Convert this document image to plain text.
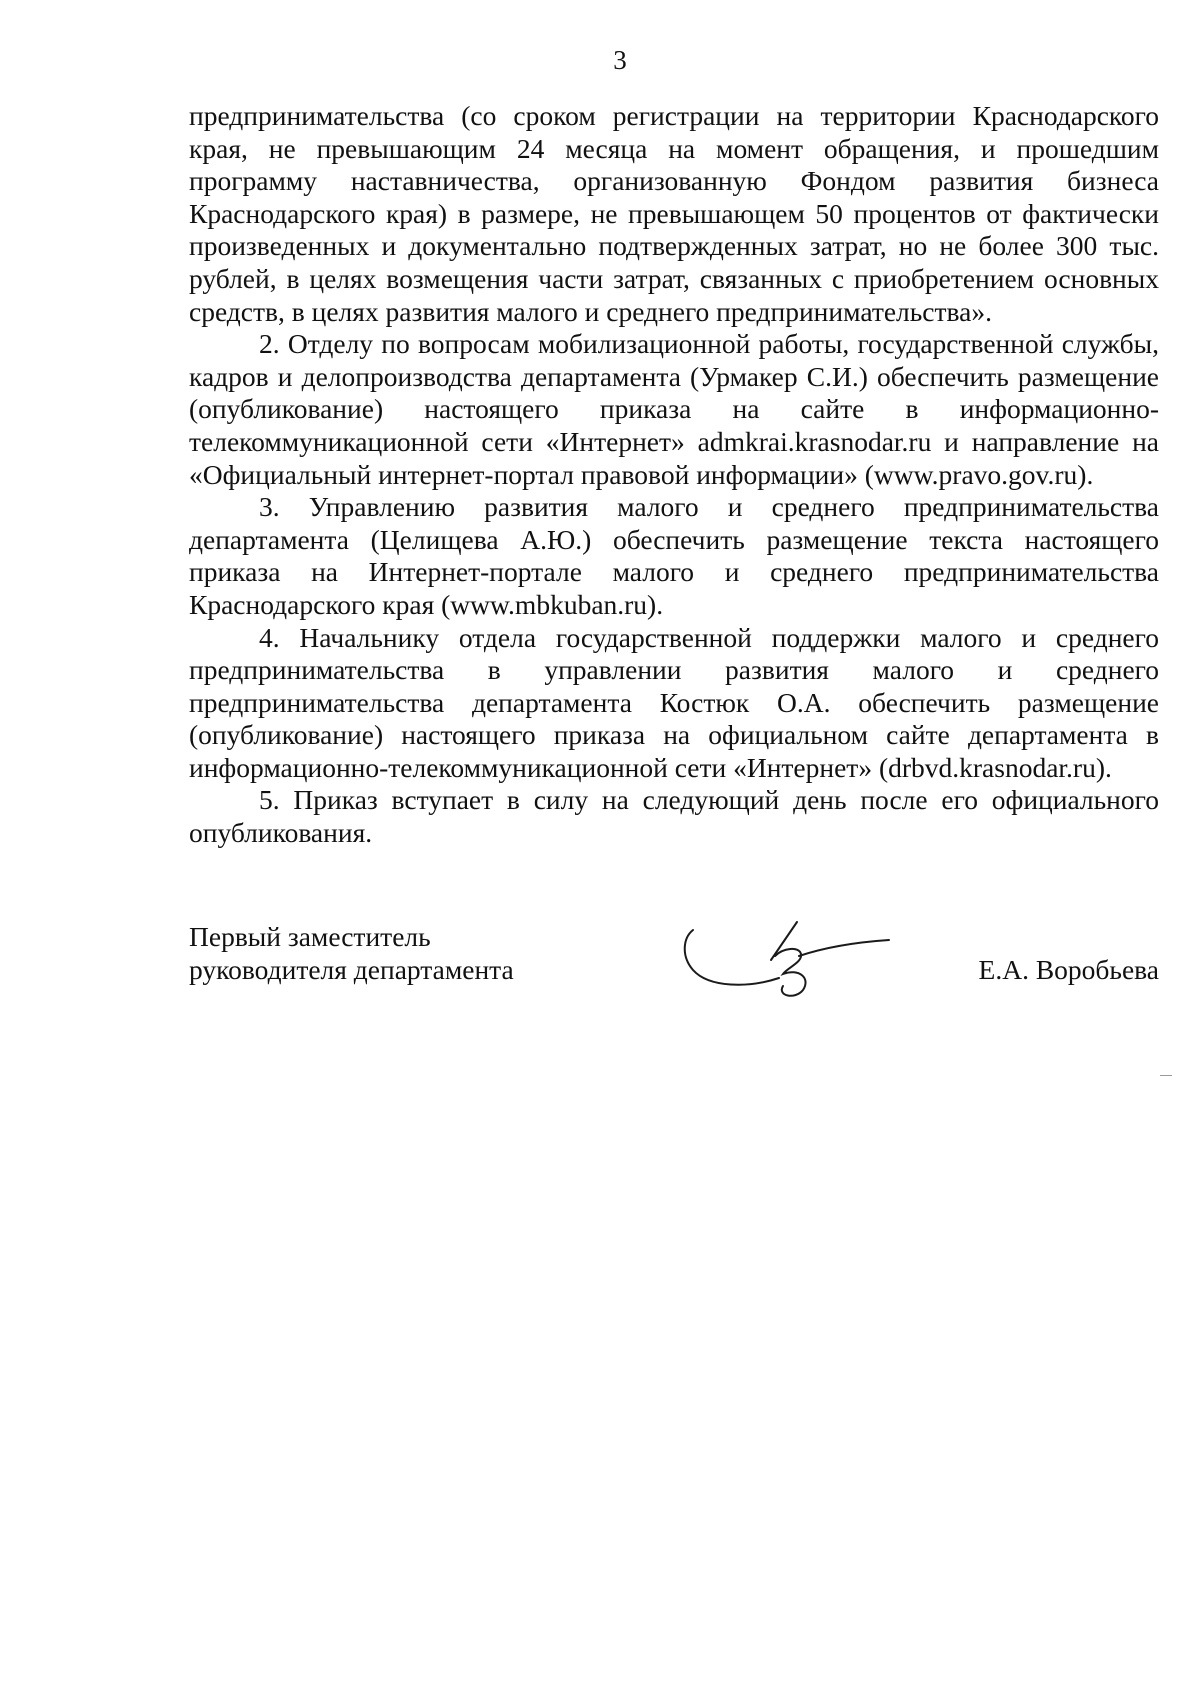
3

предпринимательства (со сроком регистрации на территории Краснодарского края, не превышающим 24 месяца на момент обращения, и прошедшим программу наставничества, организованную Фондом развития бизнеса Краснодарского края) в размере, не превышающем 50 процентов от фактически произведенных и документально подтвержденных затрат, но не более 300 тыс. рублей, в целях возмещения части затрат, связанных с приобретением основных средств, в целях развития малого и среднего предпринимательства».

2. Отделу по вопросам мобилизационной работы, государственной службы, кадров и делопроизводства департамента (Урмакер С.И.) обеспечить размещение (опубликование) настоящего приказа на сайте в информационно-телекоммуникационной сети «Интернет» admkrai.krasnodar.ru и направление на «Официальный интернет-портал правовой информации» (www.pravo.gov.ru).

3. Управлению развития малого и среднего предпринимательства департамента (Целищева А.Ю.) обеспечить размещение текста настоящего приказа на Интернет-портале малого и среднего предпринимательства Краснодарского края (www.mbkuban.ru).

4. Начальнику отдела государственной поддержки малого и среднего предпринимательства в управлении развития малого и среднего предпринимательства департамента Костюк О.А. обеспечить размещение (опубликование) настоящего приказа на официальном сайте департамента в информационно-телекоммуникационной сети «Интернет» (drbvd.krasnodar.ru).

5. Приказ вступает в силу на следующий день после его официального опубликования.

Первый заместитель
руководителя департамента	Е.А. Воробьева
